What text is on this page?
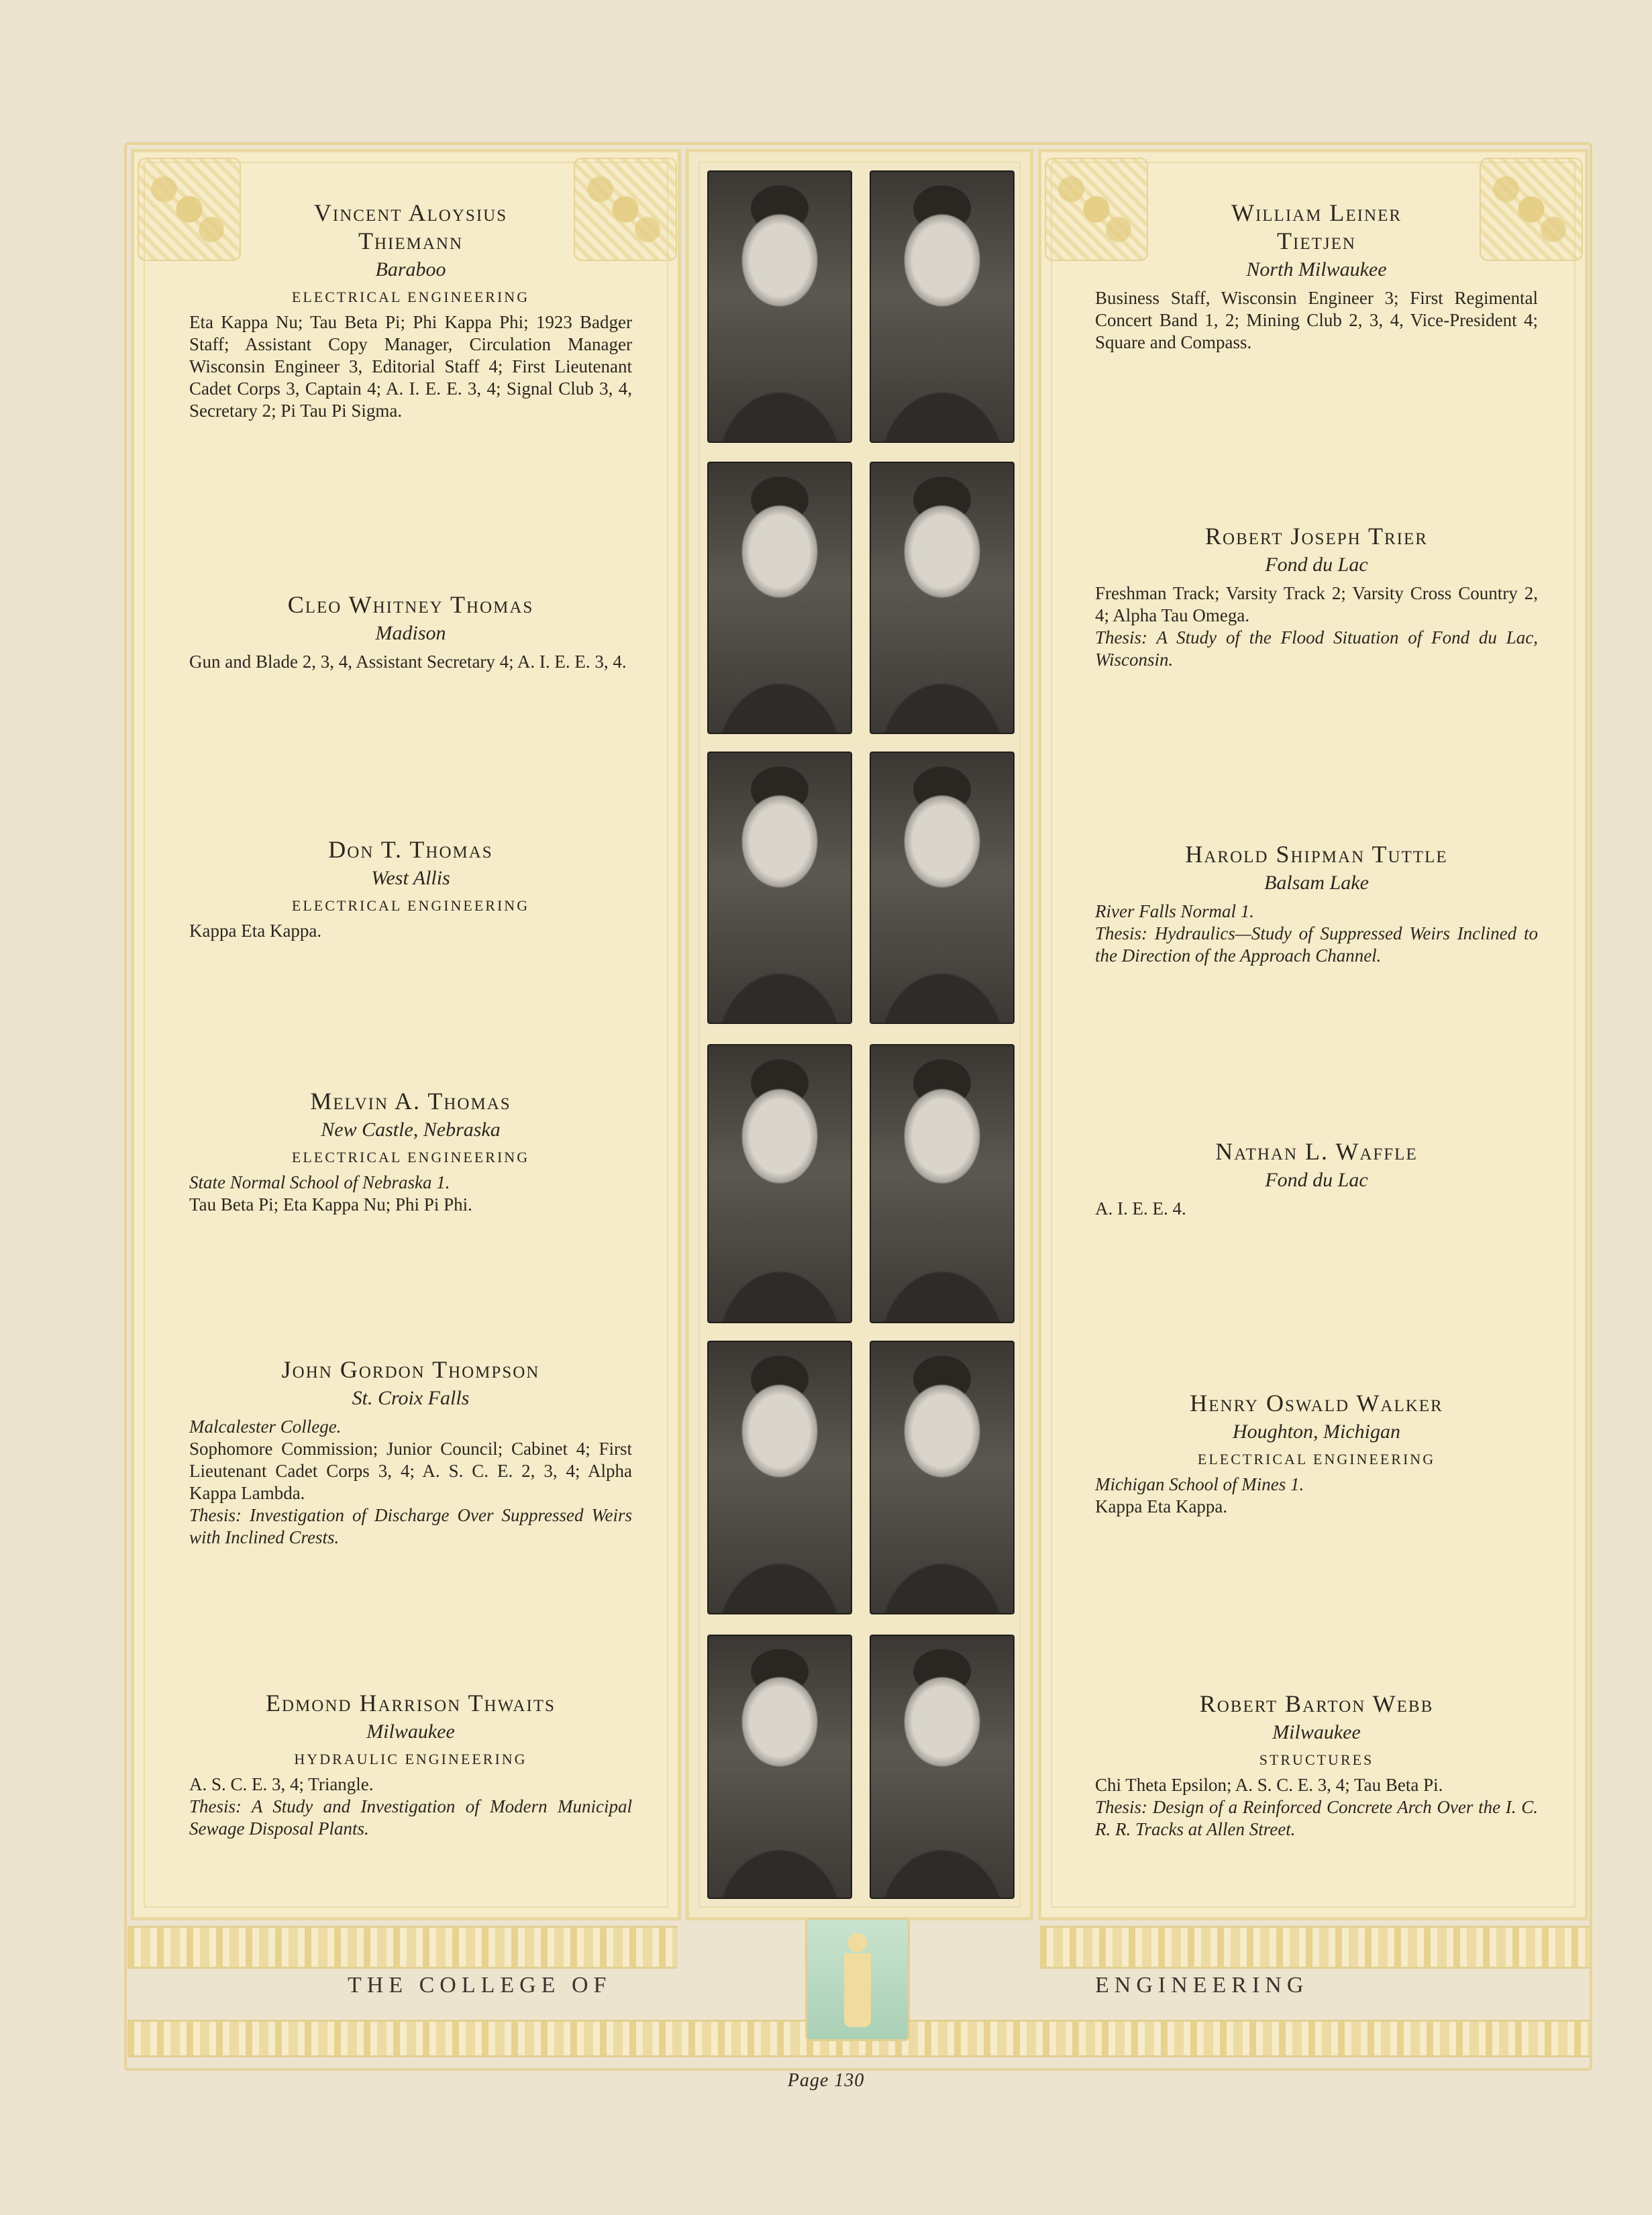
Vincent Aloysius Thiemann
Baraboo
ELECTRICAL ENGINEERING
Eta Kappa Nu; Tau Beta Pi; Phi Kappa Phi; 1923 Badger Staff; Assistant Copy Manager, Circulation Manager Wisconsin Engineer 3, Editorial Staff 4; First Lieutenant Cadet Corps 3, Captain 4; A. I. E. E. 3, 4; Signal Club 3, 4, Secretary 2; Pi Tau Pi Sigma.
Cleo Whitney Thomas
Madison
Gun and Blade 2, 3, 4, Assistant Secretary 4; A. I. E. E. 3, 4.
Don T. Thomas
West Allis
ELECTRICAL ENGINEERING
Kappa Eta Kappa.
Melvin A. Thomas
New Castle, Nebraska
ELECTRICAL ENGINEERING
State Normal School of Nebraska 1.
Tau Beta Pi; Eta Kappa Nu; Phi Pi Phi.
John Gordon Thompson
St. Croix Falls
Malcalester College.
Sophomore Commission; Junior Council; Cabinet 4; First Lieutenant Cadet Corps 3, 4; A. S. C. E. 2, 3, 4; Alpha Kappa Lambda.
Thesis: Investigation of Discharge Over Suppressed Weirs with Inclined Crests.
Edmond Harrison Thwaits
Milwaukee
HYDRAULIC ENGINEERING
A. S. C. E. 3, 4; Triangle.
Thesis: A Study and Investigation of Modern Municipal Sewage Disposal Plants.
William Leiner Tietjen
North Milwaukee
Business Staff, Wisconsin Engineer 3; First Regimental Concert Band 1, 2; Mining Club 2, 3, 4, Vice-President 4; Square and Compass.
Robert Joseph Trier
Fond du Lac
Freshman Track; Varsity Track 2; Varsity Cross Country 2, 4; Alpha Tau Omega.
Thesis: A Study of the Flood Situation of Fond du Lac, Wisconsin.
Harold Shipman Tuttle
Balsam Lake
River Falls Normal 1.
Thesis: Hydraulics—Study of Suppressed Weirs Inclined to the Direction of the Approach Channel.
Nathan L. Waffle
Fond du Lac
A. I. E. E. 4.
Henry Oswald Walker
Houghton, Michigan
ELECTRICAL ENGINEERING
Michigan School of Mines 1.
Kappa Eta Kappa.
Robert Barton Webb
Milwaukee
STRUCTURES
Chi Theta Epsilon; A. S. C. E. 3, 4; Tau Beta Pi.
Thesis: Design of a Reinforced Concrete Arch Over the I. C. R. R. Tracks at Allen Street.
THE COLLEGE OF	ENGINEERING
Page 130
